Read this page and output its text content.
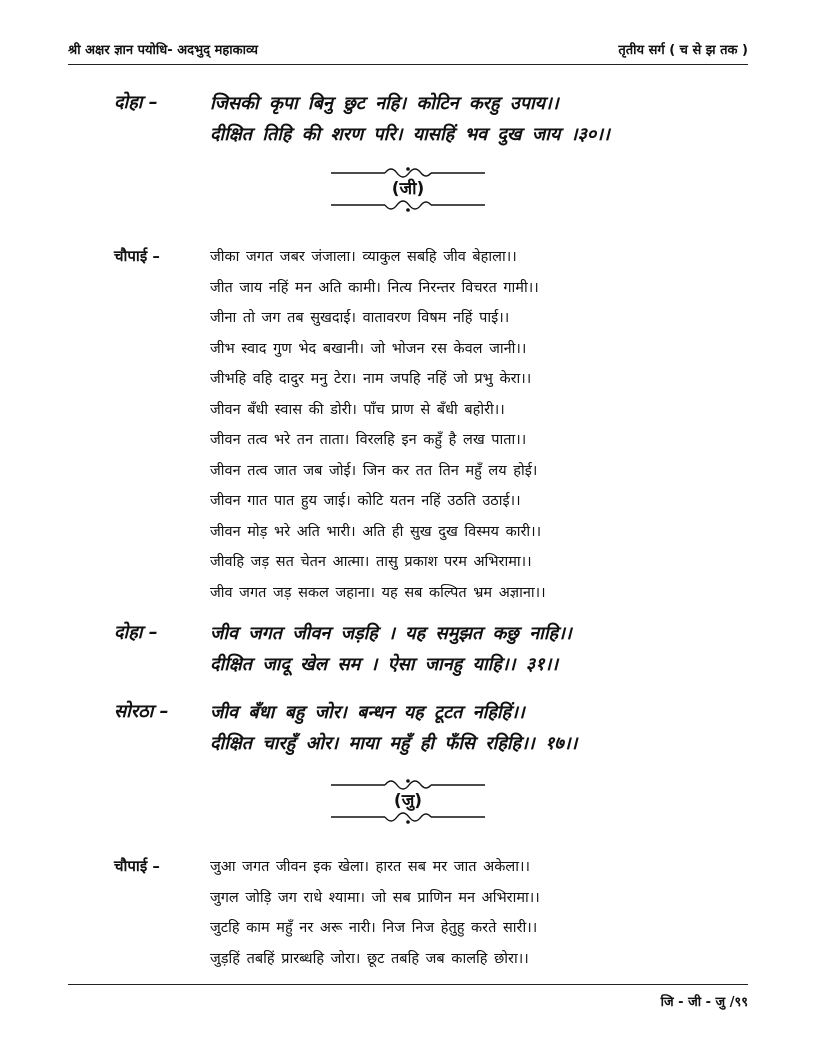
श्री अक्षर ज्ञान पयोधि- अदभुद् महाकाव्य	तृतीय सर्ग ( च से झ तक )
दोहा –	जिसकी कृपा बिनु छुट नहि। कोटिन करहु उपाय।।
दीक्षित तिहि की शरण परि। यासहिं भव दुख जाय ।३०।।
(जी)
चौपाई –	जीका जगत जबर जंजाला। व्याकुल सबहि जीव बेहाला।।
जीत जाय नहिं मन अति कामी। नित्य निरन्तर विचरत गामी।।
जीना तो जग तब सुखदाई। वातावरण विषम नहिं पाई।।
जीभ स्वाद गुण भेद बखानी। जो भोजन रस केवल जानी।।
जीभहि वहि दादुर मनु टेरा। नाम जपहि नहिं जो प्रभु केरा।।
जीवन बँधी स्वास की डोरी। पाँच प्राण से बँधी बहोरी।।
जीवन तत्व भरे तन ताता। विरलहि इन कहुँ है लख पाता।।
जीवन तत्व जात जब जोई। जिन कर तत तिन महुँ लय होई।
जीवन गात पात हुय जाई। कोटि यतन नहिं उठति उठाई।।
जीवन मोड़ भरे अति भारी। अति ही सुख दुख विस्मय कारी।।
जीवहि जड़ सत चेतन आत्मा। तासु प्रकाश परम अभिरामा।।
जीव जगत जड़ सकल जहाना। यह सब कल्पित भ्रम अज्ञाना।।
दोहा –	जीव जगत जीवन जड़हि । यह समुझत कछु नाहि।।
दीक्षित जादू खेल सम । ऐसा जानहु याहि।। ३१।।
सोरठा – जीव बँधा बहु जोर। बन्धन यह टूटत नहिहिं।।
दीक्षित चारहुँ ओर। माया महुँ ही फँसि रहिहि।। १७।।
(जु)
चौपाई –	जुआ जगत जीवन इक खेला। हारत सब मर जात अकेला।।
जुगल जोड़ि जग राधे श्यामा। जो सब प्राणिन मन अभिरामा।।
जुटहि काम महुँ नर अरू नारी। निज निज हेतुहु करते सारी।।
जुड़हिं तबहिं प्रारब्धहि जोरा। छूट तबहि जब कालहि छोरा।।
जि - जी - जु /९९
